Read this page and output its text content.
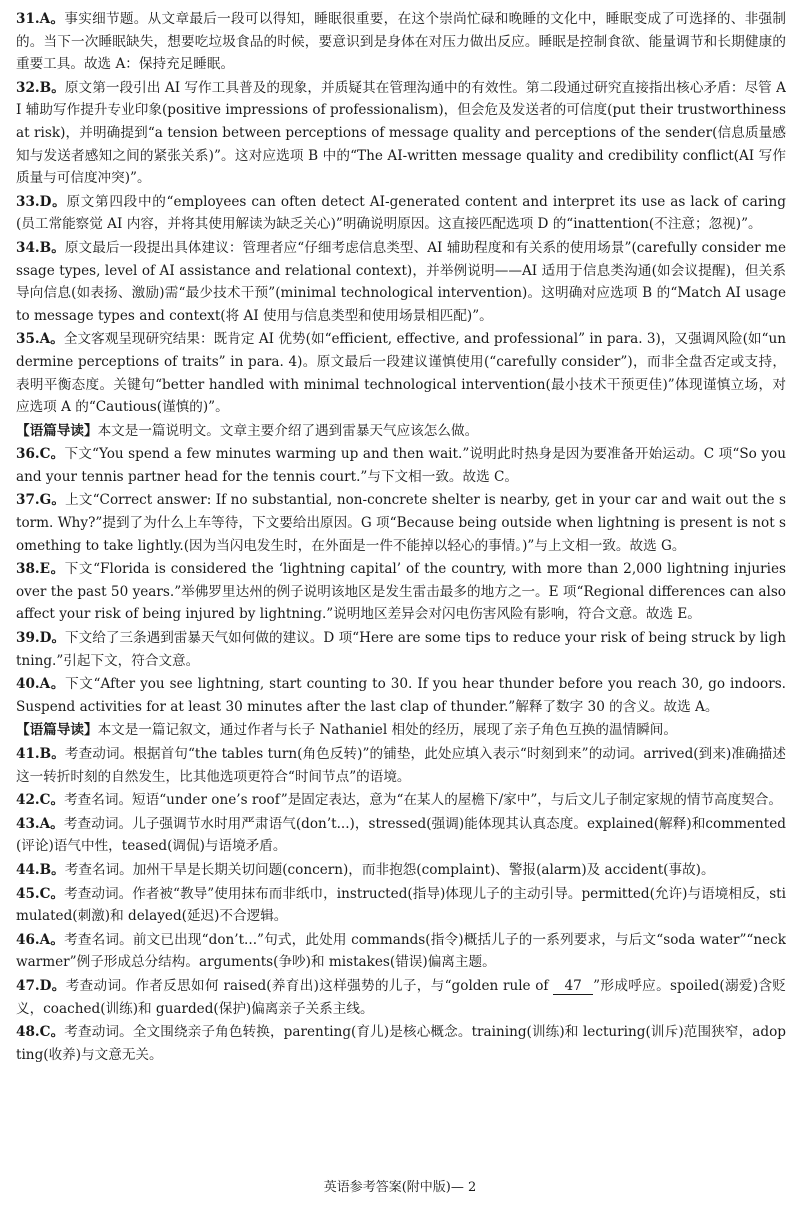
31.A。事实细节题。从文章最后一段可以得知，睡眠很重要，在这个崇尚忙碌和晚睡的文化中，睡眠变成了可选择的、非强制的。当下一次睡眠缺失，想要吃垃圾食品的时候，要意识到是身体在对压力做出反应。睡眠是控制食欲、能量调节和长期健康的重要工具。故选 A：保持充足睡眠。
32.B。原文第一段引出 AI 写作工具普及的现象，并质疑其在管理沟通中的有效性。第二段通过研究直接指出核心矛盾：尽管 AI 辅助写作提升专业印象(positive impressions of professionalism)，但会危及发送者的可信度(put their trustworthiness at risk)，并明确提到“a tension between perceptions of message quality and perceptions of the sender(信息质量感知与发送者感知之间的紧张关系)”。这对应选项 B 中的“The AI-written message quality and credibility conflict(AI 写作质量与可信度冲突)”。
33.D。原文第四段中的“employees can often detect AI-generated content and interpret its use as lack of caring(员工常能察觉 AI 内容，并将其使用解读为缺乏关心)”明确说明原因。这直接匹配选项 D 的“inattention(不注意；忽视)”。
34.B。原文最后一段提出具体建议：管理者应“仔细考虑信息类型、AI 辅助程度和有关系的使用场景”(carefully consider message types, level of AI assistance and relational context)，并举例说明——AI 适用于信息类沟通(如会议提醒)，但关系导向信息(如表扬、激励)需“最少技术干预”(minimal technological intervention)。这明确对应选项 B 的“Match AI usage to message types and context(将 AI 使用与信息类型和使用场景相匹配)”。
35.A。全文客观呈现研究结果：既肯定 AI 优势(如“efficient, effective, and professional” in para. 3)，又强调风险(如“undermine perceptions of traits” in para. 4)。原文最后一段建议谨慎使用(“carefully consider”)，而非全盘否定或支持，表明平衡态度。关键句“better handled with minimal technological intervention(最小技术干预更佳)”体现谨慎立场，对应选项 A 的“Cautious(谨慎的)”。
【语篇导读】本文是一篇说明文。文章主要介绍了遇到雷暴天气应该怎么做。
36.C。下文“You spend a few minutes warming up and then wait.”说明此时热身是因为要准备开始运动。C 项“So you and your tennis partner head for the tennis court.”与下文相一致。故选 C。
37.G。上文“Correct answer: If no substantial, non-concrete shelter is nearby, get in your car and wait out the storm. Why?”提到了为什么上车等待，下文要给出原因。G 项“Because being outside when lightning is present is not something to take lightly.(因为当闪电发生时，在外面是一件不能掉以轻心的事情。)”与上文相一致。故选 G。
38.E。下文“Florida is considered the ‘lightning capital’ of the country, with more than 2,000 lightning injuries over the past 50 years.”举佛罗里达州的例子说明该地区是发生雷击最多的地方之一。E 项“Regional differences can also affect your risk of being injured by lightning.”说明地区差异会对闪电伤害风险有影响，符合文意。故选 E。
39.D。下文给了三条遇到雷暴天气如何做的建议。D 项“Here are some tips to reduce your risk of being struck by lightning.”引起下文，符合文意。
40.A。下文“After you see lightning, start counting to 30. If you hear thunder before you reach 30, go indoors. Suspend activities for at least 30 minutes after the last clap of thunder.”解释了数字 30 的含义。故选 A。
【语篇导读】本文是一篇记叙文，通过作者与长子 Nathaniel 相处的经历，展现了亲子角色互换的温情瞬间。
41.B。考查动词。根据首句“the tables turn(角色反转)”的铺垫，此处应填入表示“时刻到来”的动词。arrived(到来)准确描述这一转折时刻的自然发生，比其他选项更符合“时间节点”的语境。
42.C。考查名词。短语“under one’s roof”是固定表达，意为“在某人的屋檐下/家中”，与后文儿子制定家规的情节高度契合。
43.A。考查动词。儿子强调节水时用严肃语气(don’t...)，stressed(强调)能体现其认真态度。explained(解释)和commented(评论)语气中性，teased(调侃)与语境矛盾。
44.B。考查名词。加州干旱是长期关切问题(concern)，而非抱怨(complaint)、警报(alarm)及 accident(事故)。
45.C。考查动词。作者被“教导”使用抹布而非纸巾，instructed(指导)体现儿子的主动引导。permitted(允许)与语境相反，stimulated(刺激)和 delayed(延迟)不合逻辑。
46.A。考查名词。前文已出现“don’t...”句式，此处用 commands(指令)概括儿子的一系列要求，与后文“soda water”“neck warmer”例子形成总分结构。arguments(争吵)和 mistakes(错误)偏离主题。
47.D。考查动词。作者反思如何 raised(养育出)这样强势的儿子，与“golden rule of 47 ”形成呼应。spoiled(溺爱)含贬义，coached(训练)和 guarded(保护)偏离亲子关系主线。
48.C。考查动词。全文围绕亲子角色转换，parenting(育儿)是核心概念。training(训练)和 lecturing(训斥)范围狭窄，adopting(收养)与文意无关。
英语参考答案(附中版)— 2
